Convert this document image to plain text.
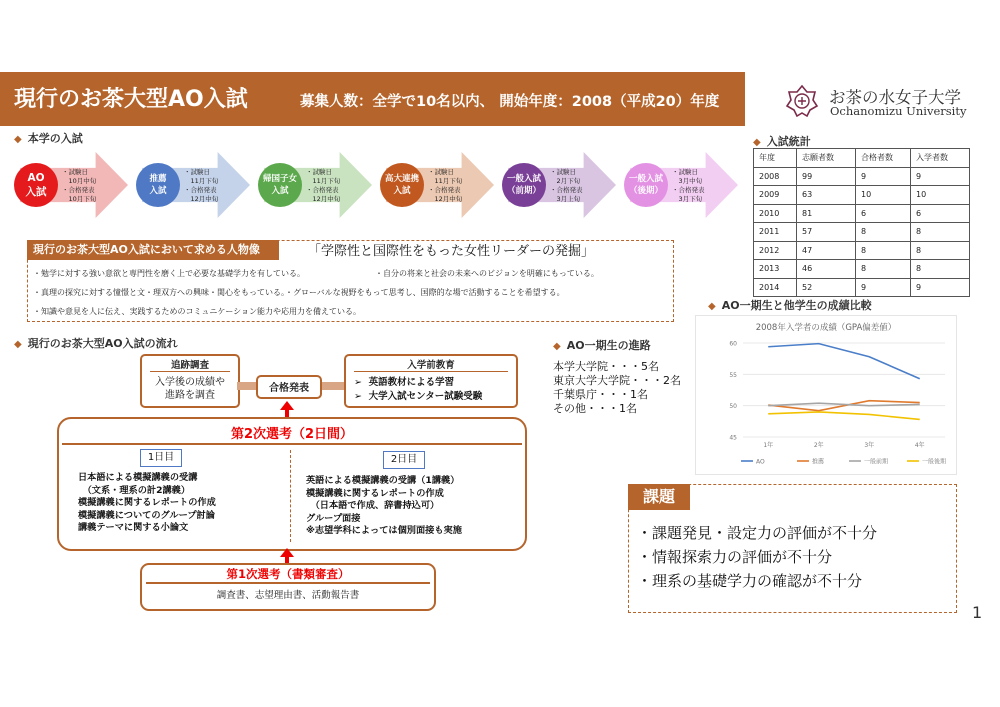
現行のお茶大型AO入試	募集人数：全学で10名以内、 開始年度：2008（平成20）年度	お茶の水女子大学
Ochanomizu University
◆ 本学の入試	◆ 入試統計
◆ 現行のお茶大型AO入試の流れ	◆ AO一期生の進路
◆ AO一期生と他学生の成績比較
AO
入試
・試験日
　10月中旬
・合格発表
　10月下旬
推薦
入試
・試験日
　11月下旬
・合格発表
　12月中旬
帰国子女
入試
・試験日
　11月下旬
・合格発表
　12月中旬
高大連携
入試
・試験日
　11月下旬
・合格発表
　12月中旬
一般入試
（前期）
・試験日
　2月下旬
・合格発表
　3月上旬
一般入試
（後期）
・試験日
　3月中旬
・合格発表
　3月下旬
年度	志願者数	合格者数	入学者数
2008	99	9	9
2009	63	10	10
2010	81	6	6
2011	57	8	8
2012	47	8	8
2013	46	8	8
2014	52	9	9
現行のお茶大型AO入試において求める人物像	「学際性と国際性をもった女性リーダーの発掘」
・勉学に対する強い意欲と専門性を磨く上で必要な基礎学力を有している。	・自分の将来と社会の未来へのビジョンを明確にもっている。
・真理の探究に対する憧憬と文・理双方への興味・関心をもっている。・グローバルな視野をもって思考し、国際的な場で活動することを希望する。
・知識や意見を人に伝え、実践するためのコミュニケーション能力や応用力を備えている。
追跡調査
入学後の成績や
進路を調査
合格発表
入学前教育
➢ 英語教材による学習
➢ 大学入試センター試験受験
第2次選考（2日間）
1日目
日本語による模擬講義の受講
　（文系・理系の計2講義）
模擬講義に関するレポートの作成
模擬講義についてのグループ討論
講義テーマに関する小論文
2日目
英語による模擬講義の受講（1講義）
模擬講義に関するレポートの作成
　（日本語で作成、辞書持込可）
グループ面接
※志望学科によっては個別面接も実施
第1次選考（書類審査）
調査書、志望理由書、活動報告書
本学大学院・・・5名
東京大学大学院・・・2名
千葉県庁・・・1名
その他・・・1名
2008年入学者の成績（GPA偏差値）
45
50
55
60
1年	2年	3年	4年
AO	推薦	一般前期	一般後期
課題
・課題発見・設定力の評価が不十分
・情報探索力の評価が不十分
・理系の基礎学力の確認が不十分
1
